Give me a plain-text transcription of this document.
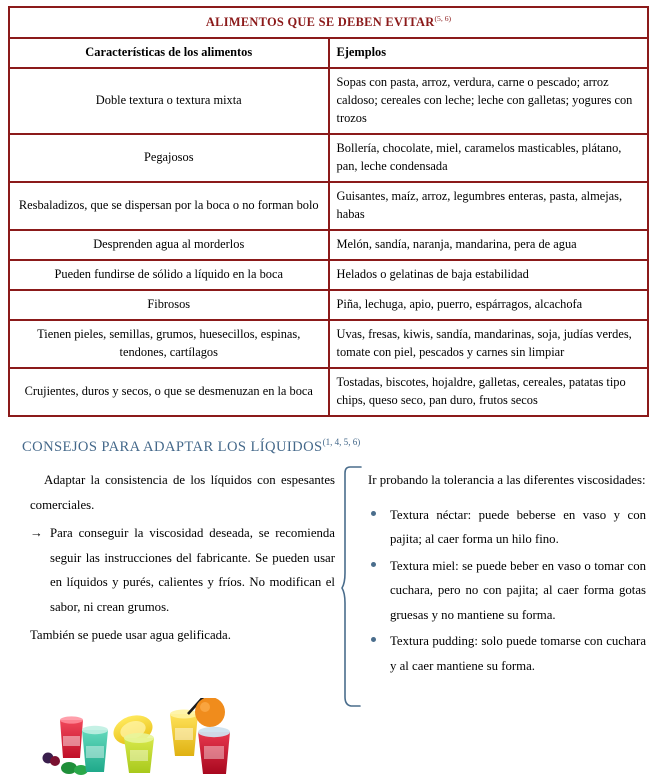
ALIMENTOS QUE SE DEBEN EVITAR$^{(5, 6)}$
Características de los alimentos	Ejemplos
Doble textura o textura mixta	Sopas con pasta, arroz, verdura, carne o pescado; arroz caldoso; cereales con leche; leche con galletas; yogures con trozos
Pegajosos	Bollería, chocolate, miel, caramelos masticables, plátano, pan, leche condensada
Resbaladizos, que se dispersan por la boca o no forman bolo	Guisantes, maíz, arroz, legumbres enteras, pasta, almejas, habas
Desprenden agua al morderlos	Melón, sandía, naranja, mandarina, pera de agua
Pueden fundirse de sólido a líquido en la boca	Helados o gelatinas de baja estabilidad
Fibrosos	Piña, lechuga, apio, puerro, espárragos, alcachofa
Tienen pieles, semillas, grumos, huesecillos, espinas, tendones, cartílagos	Uvas, fresas, kiwis, sandía, mandarinas, soja, judías verdes, tomate con piel, pescados y carnes sin limpiar
Crujientes, duros y secos, o que se desmenuzan en la boca	Tostadas, biscotes, hojaldre, galletas, cereales, patatas tipo chips, queso seco, pan duro, frutos secos
CONSEJOS PARA ADAPTAR LOS LÍQUIDOS$^{(1, 4, 5, 6)}$

Adaptar la consistencia de los líquidos con espesantes comerciales.

→ Para conseguir la viscosidad deseada, se recomienda seguir las instrucciones del fabricante. Se pueden usar en líquidos y purés, calientes y fríos. No modifican el sabor, ni crean grumos.

También se puede usar agua gelificada.

Ir probando la tolerancia a las diferentes viscosidades:

Textura néctar: puede beberse en vaso y con pajita; al caer forma un hilo fino.
Textura miel: se puede beber en vaso o tomar con cuchara, pero no con pajita; al caer forma gotas gruesas y no mantiene su forma.
Textura pudding: solo puede tomarse con cuchara y al caer mantiene su forma.
